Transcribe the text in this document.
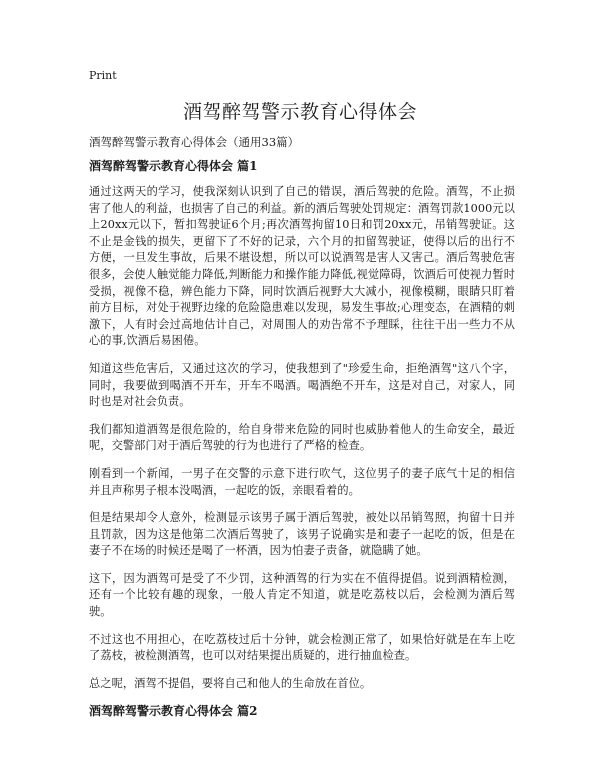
Print
酒驾醉驾警示教育心得体会

酒驾醉驾警示教育心得体会（通用33篇）

酒驾醉驾警示教育心得体会 篇1

通过这两天的学习，使我深刻认识到了自己的错误，酒后驾驶的危险。酒驾，不止损害了他人的利益，也损害了自己的利益。新的酒后驾驶处罚规定：酒驾罚款1000元以上20xx元以下，暂扣驾驶证6个月;再次酒驾拘留10日和罚20xx元，吊销驾驶证。这不止是金钱的损失，更留下了不好的记录，六个月的扣留驾驶证，使得以后的出行不方便，一旦发生事故，后果不堪设想，所以可以说酒驾是害人又害己。酒后驾驶危害很多，会使人触觉能力降低,判断能力和操作能力降低,视觉障碍，饮酒后可使视力暂时受损，视像不稳，辨色能力下降，同时饮酒后视野大大减小，视像模糊，眼睛只盯着前方目标，对处于视野边缘的危险隐患难以发现，易发生事故;心理变态，在酒精的刺激下，人有时会过高地估计自己，对周围人的劝告常不予理睬，往往干出一些力不从心的事,饮酒后易困倦。

知道这些危害后，又通过这次的学习，使我想到了"珍爱生命，拒绝酒驾"这八个字，同时，我要做到喝酒不开车，开车不喝酒。喝酒绝不开车，这是对自己，对家人，同时也是对社会负责。

我们都知道酒驾是很危险的，给自身带来危险的同时也威胁着他人的生命安全，最近呢，交警部门对于酒后驾驶的行为也进行了严格的检查。

刚看到一个新闻，一男子在交警的示意下进行吹气，这位男子的妻子底气十足的相信并且声称男子根本没喝酒，一起吃的饭，亲眼看着的。

但是结果却令人意外，检测显示该男子属于酒后驾驶，被处以吊销驾照，拘留十日并且罚款，因为这是他第二次酒后驾驶了，该男子说确实是和妻子一起吃的饭，但是在妻子不在场的时候还是喝了一杯酒，因为怕妻子责备，就隐瞒了她。

这下，因为酒驾可是受了不少罚，这种酒驾的行为实在不值得提倡。说到酒精检测，还有一个比较有趣的现象，一般人肯定不知道，就是吃荔枝以后，会检测为酒后驾驶。

不过这也不用担心，在吃荔枝过后十分钟，就会检测正常了，如果恰好就是在车上吃了荔枝，被检测酒驾，也可以对结果提出质疑的，进行抽血检查。

总之呢，酒驾不提倡，要将自己和他人的生命放在首位。

酒驾醉驾警示教育心得体会 篇2
